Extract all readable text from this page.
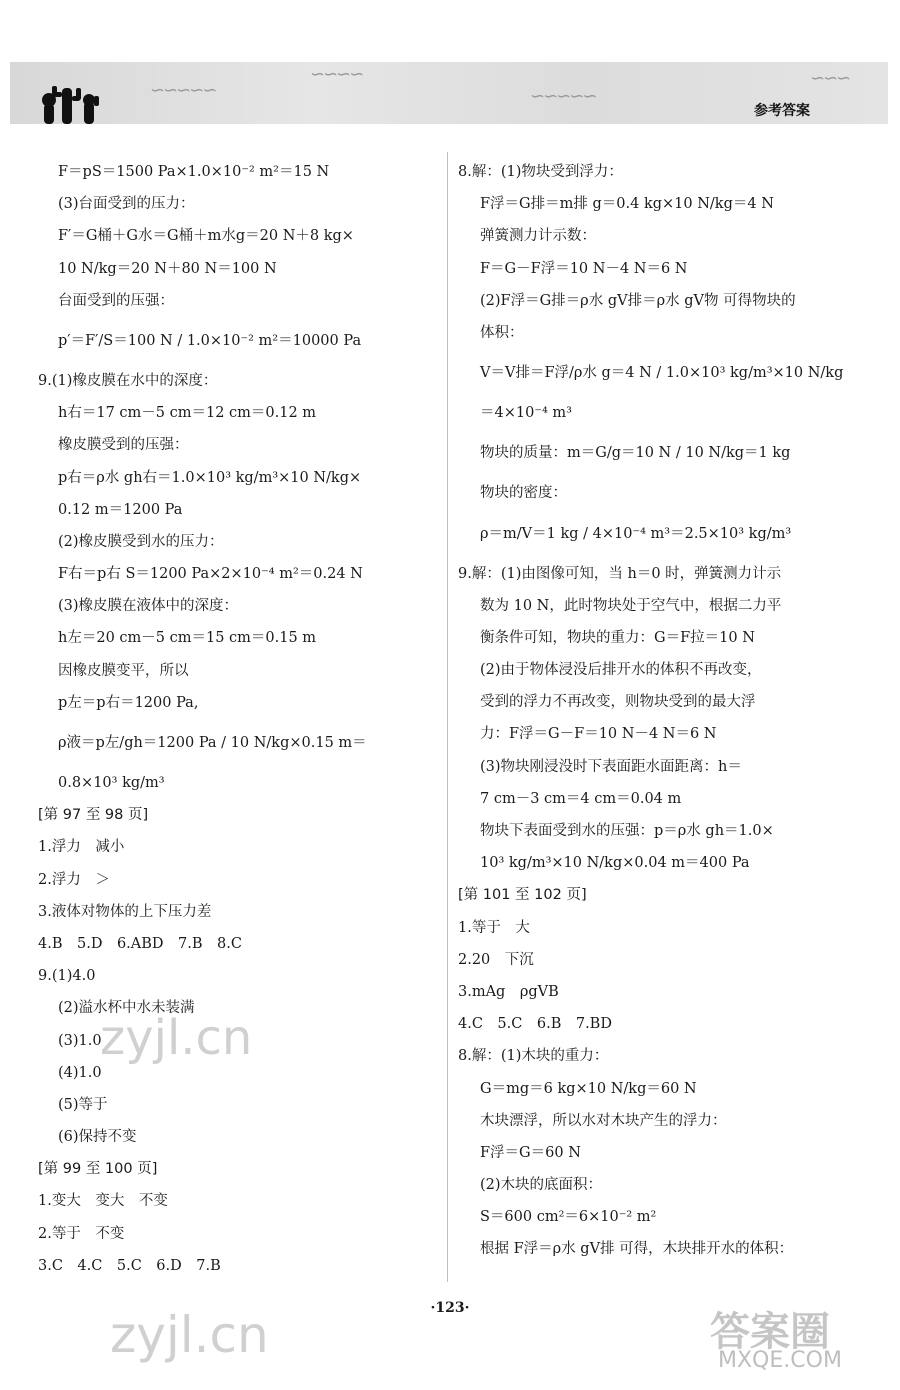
∽∽∽∽∽
∽∽∽∽
∽∽∽∽∽
∽∽∽
参考答案
F＝pS＝1500 Pa×1.0×10⁻² m²＝15 N
(3)台面受到的压力：
F′＝G桶＋G水＝G桶＋m水g＝20 N＋8 kg×
10 N/kg＝20 N＋80 N＝100 N
台面受到的压强：
p′＝F′/S＝100 N / 1.0×10⁻² m²＝10000 Pa
9.(1)橡皮膜在水中的深度：
h右＝17 cm－5 cm＝12 cm＝0.12 m
橡皮膜受到的压强：
p右＝ρ水 gh右＝1.0×10³ kg/m³×10 N/kg×
0.12 m＝1200 Pa
(2)橡皮膜受到水的压力：
F右＝p右 S＝1200 Pa×2×10⁻⁴ m²＝0.24 N
(3)橡皮膜在液体中的深度：
h左＝20 cm－5 cm＝15 cm＝0.15 m
因橡皮膜变平，所以
p左＝p右＝1200 Pa,
ρ液＝p左/gh＝1200 Pa / 10 N/kg×0.15 m＝
0.8×10³ kg/m³
[第 97 至 98 页]
1.浮力　减小
2.浮力　＞
3.液体对物体的上下压力差
4.B　5.D　6.ABD　7.B　8.C
9.(1)4.0
(2)溢水杯中水未装满
(3)1.0
(4)1.0
(5)等于
(6)保持不变
[第 99 至 100 页]
1.变大　变大　不变
2.等于　不变
3.C　4.C　5.C　6.D　7.B
8.解：(1)物块受到浮力：
F浮＝G排＝m排 g＝0.4 kg×10 N/kg＝4 N
弹簧测力计示数：
F＝G－F浮＝10 N－4 N＝6 N
(2)F浮＝G排＝ρ水 gV排＝ρ水 gV物 可得物块的
体积：
V＝V排＝F浮/ρ水 g＝4 N / 1.0×10³ kg/m³×10 N/kg
＝4×10⁻⁴ m³
物块的质量：m＝G/g＝10 N / 10 N/kg＝1 kg
物块的密度：
ρ＝m/V＝1 kg / 4×10⁻⁴ m³＝2.5×10³ kg/m³
9.解：(1)由图像可知，当 h＝0 时，弹簧测力计示
数为 10 N，此时物块处于空气中，根据二力平
衡条件可知，物块的重力：G＝F拉＝10 N
(2)由于物体浸没后排开水的体积不再改变，
受到的浮力不再改变，则物块受到的最大浮
力：F浮＝G－F＝10 N－4 N＝6 N
(3)物块刚浸没时下表面距水面距离：h＝
7 cm－3 cm＝4 cm＝0.04 m
物块下表面受到水的压强：p＝ρ水 gh＝1.0×
10³ kg/m³×10 N/kg×0.04 m＝400 Pa
[第 101 至 102 页]
1.等于　大
2.20　下沉
3.mAg　ρgVB
4.C　5.C　6.B　7.BD
8.解：(1)木块的重力：
G＝mg＝6 kg×10 N/kg＝60 N
木块漂浮，所以水对木块产生的浮力：
F浮＝G＝60 N
(2)木块的底面积：
S＝600 cm²＝6×10⁻² m²
根据 F浮＝ρ水 gV排 可得，木块排开水的体积：
·123·
zyjl.cn
zyjl.cn	答案圈
MXQE.COM
